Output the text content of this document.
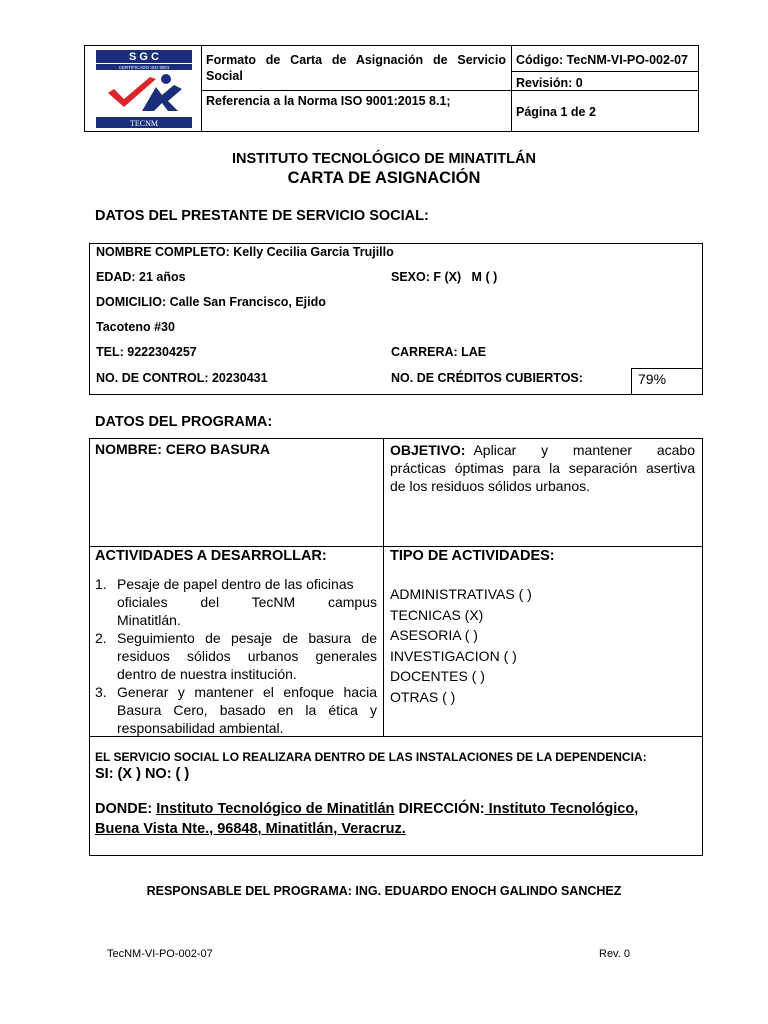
S G C
CERTIFICADO ISO 9001
TECNM
Formato de Carta de Asignación de Servicio Social
Referencia a la Norma ISO 9001:2015 8.1;
Código: TecNM-VI-PO-002-07
Revisión: 0
Página 1 de 2
INSTITUTO TECNOLÓGICO DE MINATITLÁN
CARTA DE ASIGNACIÓN
DATOS DEL PRESTANTE DE SERVICIO SOCIAL:
NOMBRE COMPLETO: Kelly Cecilia Garcia Trujillo
EDAD: 21 años	SEXO: F (X)   M ( )
DOMICILIO: Calle San Francisco, Ejido
Tacoteno #30
TEL: 9222304257	CARRERA: LAE
NO. DE CONTROL: 20230431	NO. DE CRÉDITOS CUBIERTOS:	79%
DATOS DEL PROGRAMA:
NOMBRE: CERO BASURA	OBJETIVO: Aplicar y mantener acabo
prácticas óptimas para la separación asertiva
de los residuos sólidos urbanos.
ACTIVIDADES A DESARROLLAR:	TIPO DE ACTIVIDADES:
1. Pesaje de papel dentro de las oficinas
oficiales del TecNM campus
Minatitlán.
2. Seguimiento de pesaje de basura de
residuos sólidos urbanos generales
dentro de nuestra institución.
3. Generar y mantener el enfoque hacia
Basura Cero, basado en la ética y
responsabilidad ambiental.
ADMINISTRATIVAS ( )
TECNICAS (X)
ASESORIA ( )
INVESTIGACION ( )
DOCENTES ( )
OTRAS ( )
EL SERVICIO SOCIAL LO REALIZARA DENTRO DE LAS INSTALACIONES DE LA DEPENDENCIA:
SI: (X ) NO: ( )
DONDE: Instituto Tecnológico de Minatitlán DIRECCIÓN: Instituto Tecnológico,
Buena Vista Nte., 96848, Minatitlán, Veracruz.
RESPONSABLE DEL PROGRAMA: ING. EDUARDO ENOCH GALINDO SANCHEZ
TecNM-VI-PO-002-07	Rev. 0
